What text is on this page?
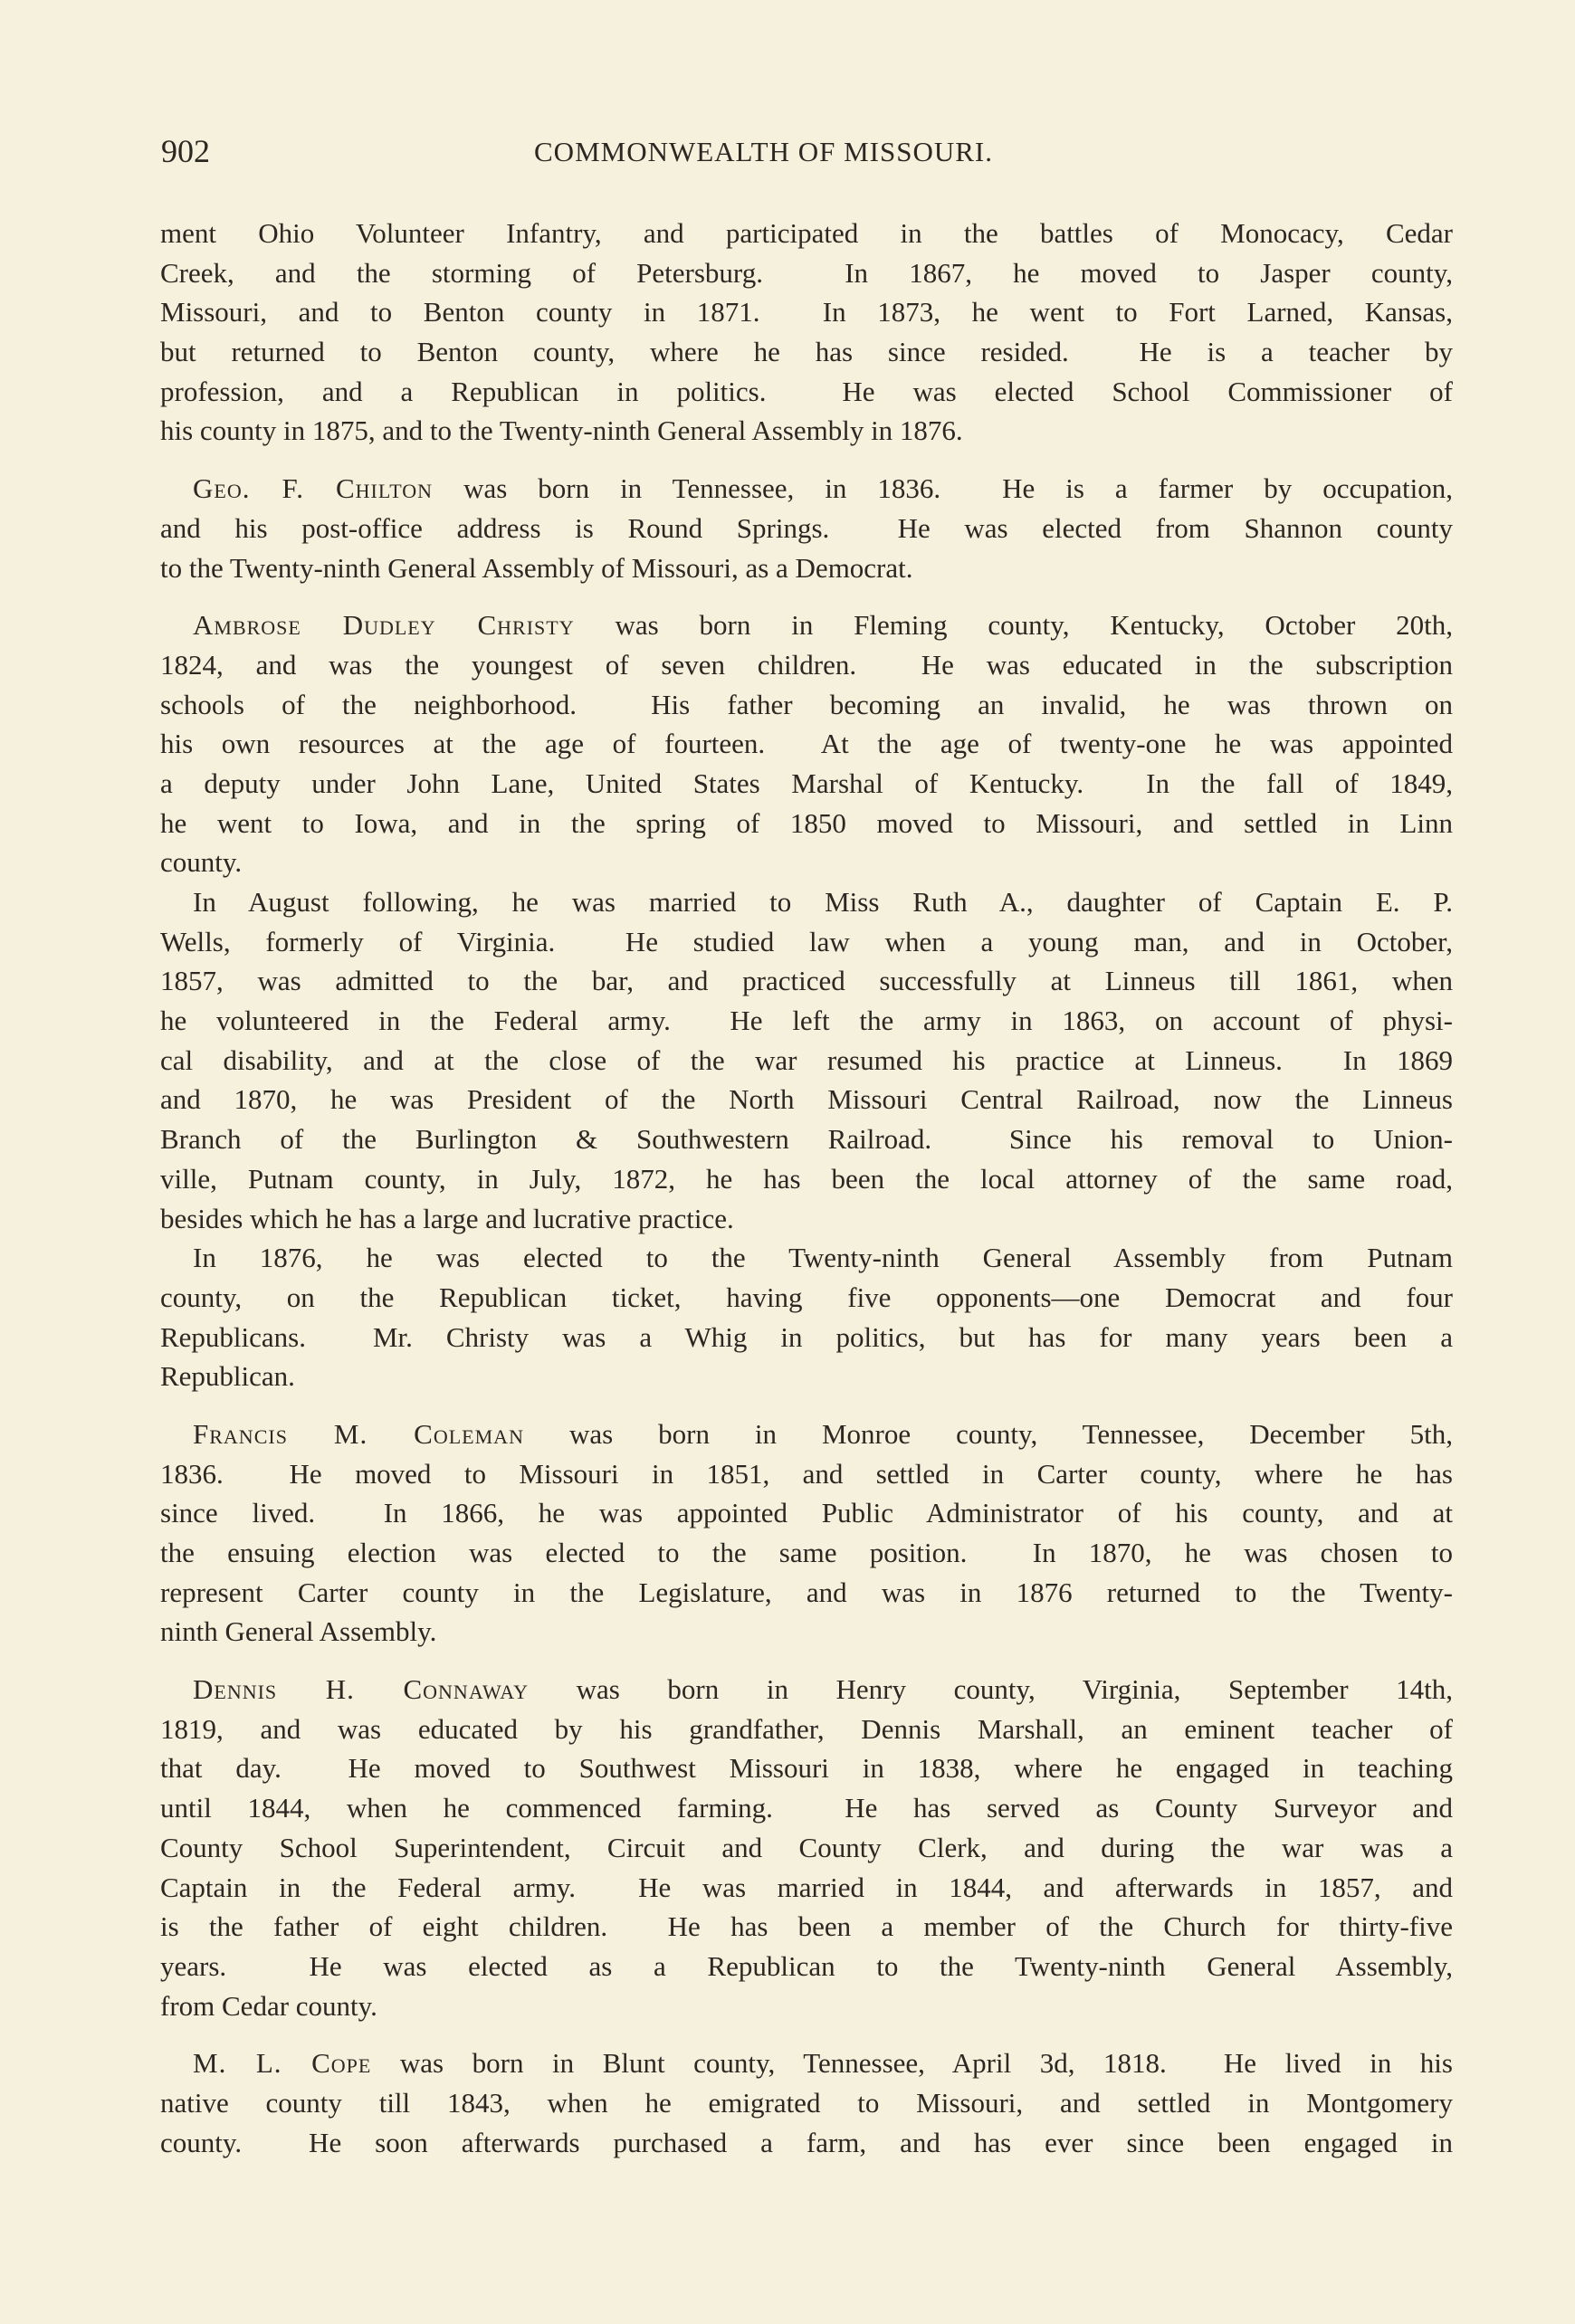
902	COMMONWEALTH OF MISSOURI.
ment Ohio Volunteer Infantry, and participated in the battles of Monocacy, Cedar
Creek, and the storming of Petersburg.  In 1867, he moved to Jasper county,
Missouri, and to Benton county in 1871.  In 1873, he went to Fort Larned, Kansas,
but returned to Benton county, where he has since resided.  He is a teacher by
profession, and a Republican in politics.  He was elected School Commissioner of
his county in 1875, and to the Twenty-ninth General Assembly in 1876.
Geo. F. Chilton was born in Tennessee, in 1836.  He is a farmer by occupation,
and his post-office address is Round Springs.  He was elected from Shannon county
to the Twenty-ninth General Assembly of Missouri, as a Democrat.
Ambrose Dudley Christy was born in Fleming county, Kentucky, October 20th,
1824, and was the youngest of seven children.  He was educated in the subscription
schools of the neighborhood.  His father becoming an invalid, he was thrown on
his own resources at the age of fourteen.  At the age of twenty-one he was appointed
a deputy under John Lane, United States Marshal of Kentucky.  In the fall of 1849,
he went to Iowa, and in the spring of 1850 moved to Missouri, and settled in Linn
county.
In August following, he was married to Miss Ruth A., daughter of Captain E. P.
Wells, formerly of Virginia.  He studied law when a young man, and in October,
1857, was admitted to the bar, and practiced successfully at Linneus till 1861, when
he volunteered in the Federal army.  He left the army in 1863, on account of physi-
cal disability, and at the close of the war resumed his practice at Linneus.  In 1869
and 1870, he was President of the North Missouri Central Railroad, now the Linneus
Branch of the Burlington & Southwestern Railroad.  Since his removal to Union-
ville, Putnam county, in July, 1872, he has been the local attorney of the same road,
besides which he has a large and lucrative practice.
In 1876, he was elected to the Twenty-ninth General Assembly from Putnam
county, on the Republican ticket, having five opponents—one Democrat and four
Republicans.  Mr. Christy was a Whig in politics, but has for many years been a
Republican.
Francis M. Coleman was born in Monroe county, Tennessee, December 5th,
1836.  He moved to Missouri in 1851, and settled in Carter county, where he has
since lived.  In 1866, he was appointed Public Administrator of his county, and at
the ensuing election was elected to the same position.  In 1870, he was chosen to
represent Carter county in the Legislature, and was in 1876 returned to the Twenty-
ninth General Assembly.
Dennis H. Connaway was born in Henry county, Virginia, September 14th,
1819, and was educated by his grandfather, Dennis Marshall, an eminent teacher of
that day.  He moved to Southwest Missouri in 1838, where he engaged in teaching
until 1844, when he commenced farming.  He has served as County Surveyor and
County School Superintendent, Circuit and County Clerk, and during the war was a
Captain in the Federal army.  He was married in 1844, and afterwards in 1857, and
is the father of eight children.  He has been a member of the Church for thirty-five
years.  He was elected as a Republican to the Twenty-ninth General Assembly,
from Cedar county.
M. L. Cope was born in Blunt county, Tennessee, April 3d, 1818.  He lived in his
native county till 1843, when he emigrated to Missouri, and settled in Montgomery
county.  He soon afterwards purchased a farm, and has ever since been engaged in
